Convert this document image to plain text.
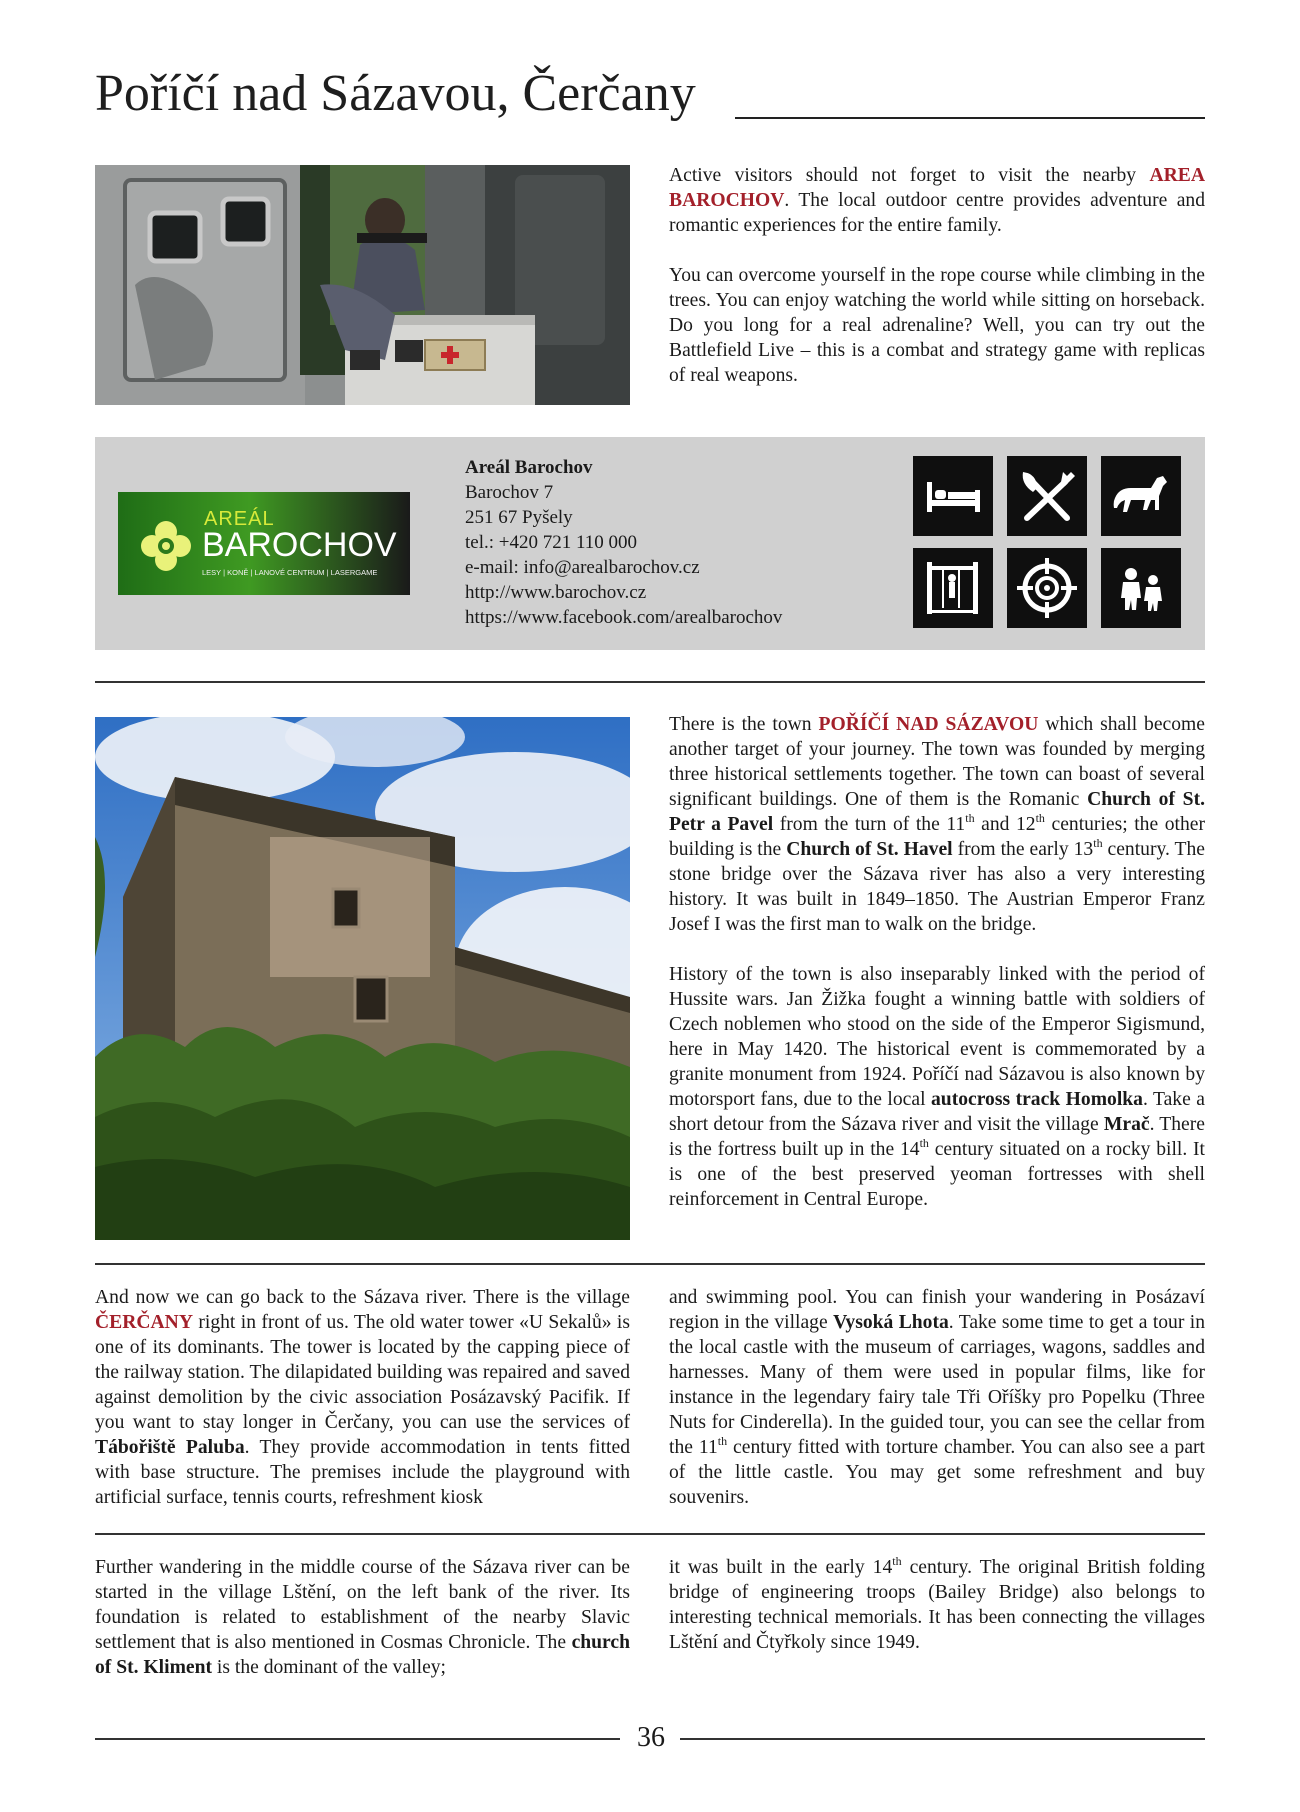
Poříčí nad Sázavou, Čerčany

Active visitors should not forget to visit the nearby AREA BAROCHOV. The local outdoor centre provides adventure and romantic experiences for the entire family.

You can overcome yourself in the rope course while climbing in the trees. You can enjoy watching the world while sitting on horseback. Do you long for a real adrenaline? Well, you can try out the Battlefield Live – this is a combat and strategy game with replicas of real weapons.

AREÁL
BAROCHOV
LESY | KONĚ | LANOVÉ CENTRUM | LASERGAME
Areál Barochov
Barochov 7
251 67 Pyšely
tel.: +420 721 110 000
e-mail: info@arealbarochov.cz
http://www.barochov.cz
https://www.facebook.com/arealbarochov

There is the town POŘÍČÍ NAD SÁZAVOU which shall become another target of your journey. The town was founded by merging three historical settlements together. The town can boast of several significant buildings. One of them is the Romanic Church of St. Petr a Pavel from the turn of the 11th and 12th centuries; the other building is the Church of St. Havel from the early 13th century. The stone bridge over the Sázava river has also a very interesting history. It was built in 1849–1850. The Austrian Emperor Franz Josef I was the first man to walk on the bridge.

History of the town is also inseparably linked with the period of Hussite wars. Jan Žižka fought a winning battle with soldiers of Czech noblemen who stood on the side of the Emperor Sigismund, here in May 1420. The historical event is commemorated by a granite monument from 1924. Poříčí nad Sázavou is also known by motorsport fans, due to the local autocross track Homolka. Take a short detour from the Sázava river and visit the village Mrač. There is the fortress built up in the 14th century situated on a rocky bill. It is one of the best preserved yeoman fortresses with shell reinforcement in Central Europe.

And now we can go back to the Sázava river. There is the village ČERČANY right in front of us. The old water tower «U Sekalů» is one of its dominants. The tower is located by the capping piece of the railway station. The dilapidated building was repaired and saved against demolition by the civic association Posázavský Pacifik. If you want to stay longer in Čerčany, you can use the services of Tábořiště Paluba. They provide accommodation in tents fitted with base structure. The premises include the playground with artificial surface, tennis courts, refreshment kiosk

and swimming pool. You can finish your wandering in Posázaví region in the village Vysoká Lhota. Take some time to get a tour in the local castle with the museum of carriages, wagons, saddles and harnesses. Many of them were used in popular films, like for instance in the legendary fairy tale Tři Oříšky pro Popelku (Three Nuts for Cinderella). In the guided tour, you can see the cellar from the 11th century fitted with torture chamber. You can also see a part of the little castle. You may get some refreshment and buy souvenirs.

Further wandering in the middle course of the Sázava river can be started in the village Lštění, on the left bank of the river. Its foundation is related to establishment of the nearby Slavic settlement that is also mentioned in Cosmas Chronicle. The church of St. Kliment is the dominant of the valley;

it was built in the early 14th century. The original British folding bridge of engineering troops (Bailey Bridge) also belongs to interesting technical memorials. It has been connecting the villages Lštění and Čtyřkoly since 1949.

36
